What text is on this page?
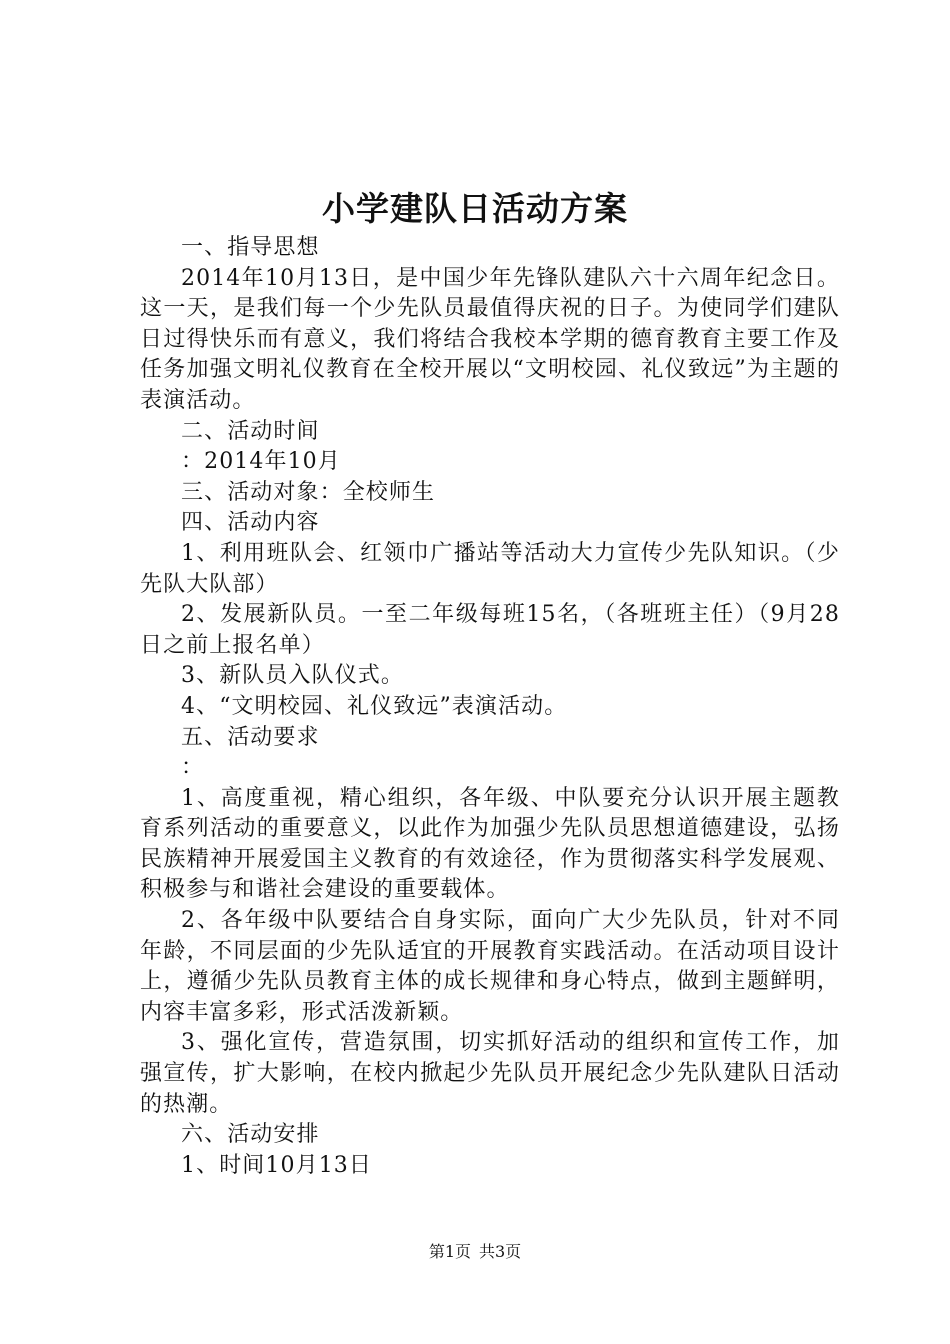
小学建队日活动方案

一、指导思想

2014年10月13日，是中国少年先锋队建队六十六周年纪念日。这一天，是我们每一个少先队员最值得庆祝的日子。为使同学们建队日过得快乐而有意义，我们将结合我校本学期的德育教育主要工作及任务加强文明礼仪教育在全校开展以“文明校园、礼仪致远”为主题的表演活动。

二、活动时间

：2014年10月

三、活动对象：全校师生

四、活动内容

1、利用班队会、红领巾广播站等活动大力宣传少先队知识。（少先队大队部）

2、发展新队员。一至二年级每班15名，（各班班主任）（9月28日之前上报名单）

3、新队员入队仪式。

4、“文明校园、礼仪致远”表演活动。

五、活动要求

：

1、高度重视，精心组织，各年级、中队要充分认识开展主题教育系列活动的重要意义，以此作为加强少先队员思想道德建设，弘扬民族精神开展爱国主义教育的有效途径，作为贯彻落实科学发展观、积极参与和谐社会建设的重要载体。

2、各年级中队要结合自身实际，面向广大少先队员，针对不同年龄，不同层面的少先队适宜的开展教育实践活动。在活动项目设计上，遵循少先队员教育主体的成长规律和身心特点，做到主题鲜明，内容丰富多彩，形式活泼新颖。

3、强化宣传，营造氛围，切实抓好活动的组织和宣传工作，加强宣传，扩大影响，在校内掀起少先队员开展纪念少先队建队日活动的热潮。

六、活动安排

1、时间10月13日

第1页 共3页
